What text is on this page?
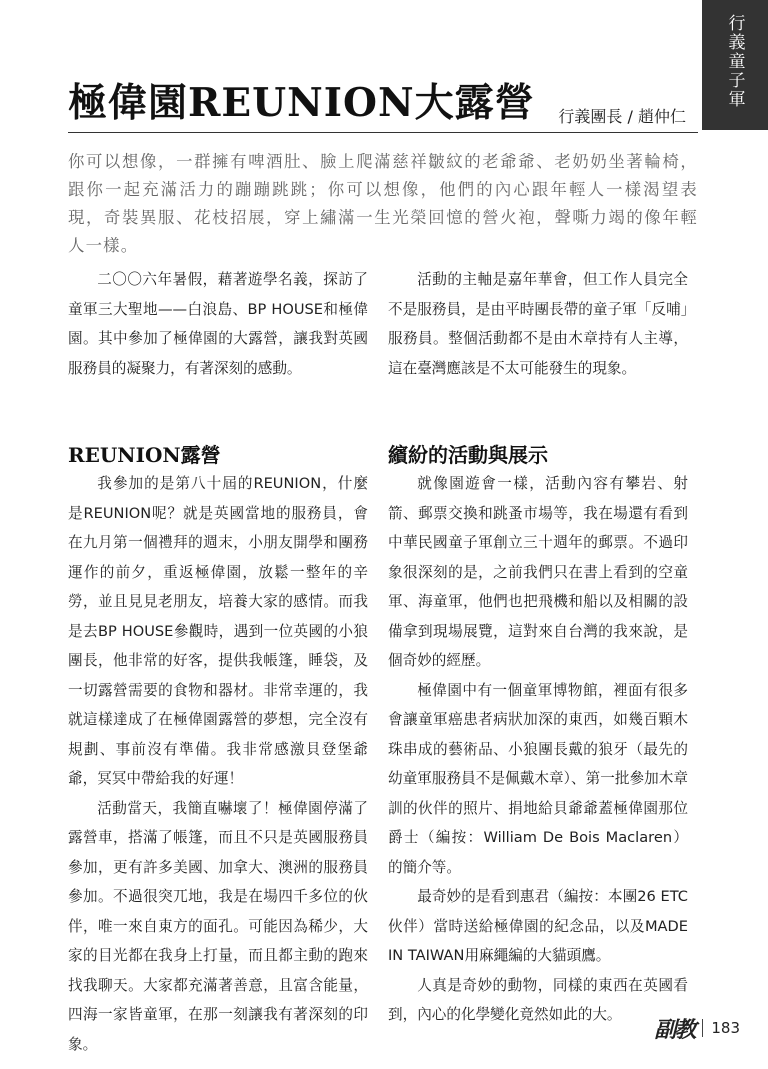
行義童子軍
極偉園REUNION大露營 行義團長 / 趙仲仁

你可以想像，一群擁有啤酒肚、臉上爬滿慈祥皺紋的老爺爺、老奶奶坐著輪椅，跟你一起充滿活力的蹦蹦跳跳；你可以想像，他們的內心跟年輕人一樣渴望表現，奇裝異服、花枝招展，穿上繡滿一生光榮回憶的營火袍，聲嘶力竭的像年輕人一樣。

二〇〇六年暑假，藉著遊學名義，探訪了童軍三大聖地——白浪島、BP HOUSE和極偉園。其中參加了極偉園的大露營，讓我對英國服務員的凝聚力，有著深刻的感動。

活動的主軸是嘉年華會，但工作人員完全不是服務員，是由平時團長帶的童子軍「反哺」服務員。整個活動都不是由木章持有人主導，這在臺灣應該是不太可能發生的現象。

REUNION露營

我參加的是第八十屆的REUNION，什麼是REUNION呢？就是英國當地的服務員，會在九月第一個禮拜的週末，小朋友開學和團務運作的前夕，重返極偉園，放鬆一整年的辛勞，並且見見老朋友，培養大家的感情。而我是去BP HOUSE參觀時，遇到一位英國的小狼團長，他非常的好客，提供我帳篷，睡袋，及一切露營需要的食物和器材。非常幸運的，我就這樣達成了在極偉園露營的夢想，完全沒有規劃、事前沒有準備。我非常感激貝登堡爺爺，冥冥中帶給我的好運！

活動當天，我簡直嚇壞了！極偉園停滿了露營車，搭滿了帳篷，而且不只是英國服務員參加，更有許多美國、加拿大、澳洲的服務員參加。不過很突兀地，我是在場四千多位的伙伴，唯一來自東方的面孔。可能因為稀少，大家的目光都在我身上打量，而且都主動的跑來找我聊天。大家都充滿著善意，且富含能量，四海一家皆童軍，在那一刻讓我有著深刻的印象。

繽紛的活動與展示

就像園遊會一樣，活動內容有攀岩、射箭、郵票交換和跳蚤市場等，我在場還有看到中華民國童子軍創立三十週年的郵票。不過印象很深刻的是，之前我們只在書上看到的空童軍、海童軍，他們也把飛機和船以及相關的設備拿到現場展覽，這對來自台灣的我來說，是個奇妙的經歷。

極偉園中有一個童軍博物館，裡面有很多會讓童軍癌患者病狀加深的東西，如幾百顆木珠串成的藝術品、小狼團長戴的狼牙（最先的幼童軍服務員不是佩戴木章）、第一批參加木章訓的伙伴的照片、捐地給貝爺爺蓋極偉園那位爵士（編按：William De Bois Maclaren）的簡介等。

最奇妙的是看到惠君（編按：本團26 ETC伙伴）當時送給極偉園的紀念品，以及MADE IN TAIWAN用麻繩編的大貓頭鷹。

人真是奇妙的動物，同樣的東西在英國看到，內心的化學變化竟然如此的大。

副教 183
